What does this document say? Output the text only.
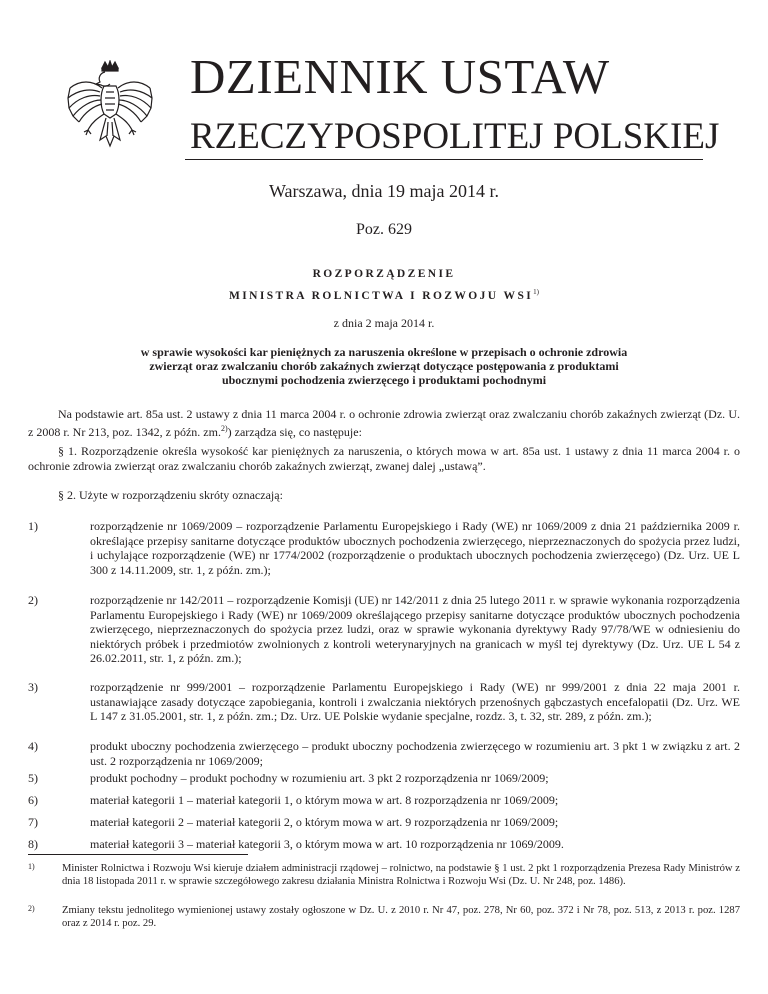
DZIENNIK USTAW
RZECZYPOSPOLITEJ POLSKIEJ
Warszawa, dnia 19 maja 2014 r.
Poz. 629
ROZPORZĄDZENIE
MINISTRA ROLNICTWA I ROZWOJU WSI$^{1)}$
z dnia 2 maja 2014 r.
w sprawie wysokości kar pieniężnych za naruszenia określone w przepisach o ochronie zdrowia zwierząt oraz zwalczaniu chorób zakaźnych zwierząt dotyczące postępowania z produktami ubocznymi pochodzenia zwierzęcego i produktami pochodnymi
Na podstawie art. 85a ust. 2 ustawy z dnia 11 marca 2004 r. o ochronie zdrowia zwierząt oraz zwalczaniu chorób zakaźnych zwierząt (Dz. U. z 2008 r. Nr 213, poz. 1342, z późn. zm.$^{2)}$) zarządza się, co następuje:
§ 1. Rozporządzenie określa wysokość kar pieniężnych za naruszenia, o których mowa w art. 85a ust. 1 ustawy z dnia 11 marca 2004 r. o ochronie zdrowia zwierząt oraz zwalczaniu chorób zakaźnych zwierząt, zwanej dalej „ustawą”.
§ 2. Użyte w rozporządzeniu skróty oznaczają:
1)	rozporządzenie nr 1069/2009 – rozporządzenie Parlamentu Europejskiego i Rady (WE) nr 1069/2009 z dnia 21 października 2009 r. określające przepisy sanitarne dotyczące produktów ubocznych pochodzenia zwierzęcego, nieprzeznaczonych do spożycia przez ludzi, i uchylające rozporządzenie (WE) nr 1774/2002 (rozporządzenie o produktach ubocznych pochodzenia zwierzęcego) (Dz. Urz. UE L 300 z 14.11.2009, str. 1, z późn. zm.);
2)	rozporządzenie nr 142/2011 – rozporządzenie Komisji (UE) nr 142/2011 z dnia 25 lutego 2011 r. w sprawie wykonania rozporządzenia Parlamentu Europejskiego i Rady (WE) nr 1069/2009 określającego przepisy sanitarne dotyczące produktów ubocznych pochodzenia zwierzęcego, nieprzeznaczonych do spożycia przez ludzi, oraz w sprawie wykonania dyrektywy Rady 97/78/WE w odniesieniu do niektórych próbek i przedmiotów zwolnionych z kontroli weterynaryjnych na granicach w myśl tej dyrektywy (Dz. Urz. UE L 54 z 26.02.2011, str. 1, z późn. zm.);
3)	rozporządzenie nr 999/2001 – rozporządzenie Parlamentu Europejskiego i Rady (WE) nr 999/2001 z dnia 22 maja 2001 r. ustanawiające zasady dotyczące zapobiegania, kontroli i zwalczania niektórych przenośnych gąbczastych encefalopatii (Dz. Urz. WE L 147 z 31.05.2001, str. 1, z późn. zm.; Dz. Urz. UE Polskie wydanie specjalne, rozdz. 3, t. 32, str. 289, z późn. zm.);
4)	produkt uboczny pochodzenia zwierzęcego – produkt uboczny pochodzenia zwierzęcego w rozumieniu art. 3 pkt 1 w związku z art. 2 ust. 2 rozporządzenia nr 1069/2009;
5)	produkt pochodny – produkt pochodny w rozumieniu art. 3 pkt 2 rozporządzenia nr 1069/2009;
6)	materiał kategorii 1 – materiał kategorii 1, o którym mowa w art. 8 rozporządzenia nr 1069/2009;
7)	materiał kategorii 2 – materiał kategorii 2, o którym mowa w art. 9 rozporządzenia nr 1069/2009;
8)	materiał kategorii 3 – materiał kategorii 3, o którym mowa w art. 10 rozporządzenia nr 1069/2009.
1)	Minister Rolnictwa i Rozwoju Wsi kieruje działem administracji rządowej – rolnictwo, na podstawie § 1 ust. 2 pkt 1 rozporządzenia Prezesa Rady Ministrów z dnia 18 listopada 2011 r. w sprawie szczegółowego zakresu działania Ministra Rolnictwa i Rozwoju Wsi (Dz. U. Nr 248, poz. 1486).
2)	Zmiany tekstu jednolitego wymienionej ustawy zostały ogłoszone w Dz. U. z 2010 r. Nr 47, poz. 278, Nr 60, poz. 372 i Nr 78, poz. 513, z 2013 r. poz. 1287 oraz z 2014 r. poz. 29.
